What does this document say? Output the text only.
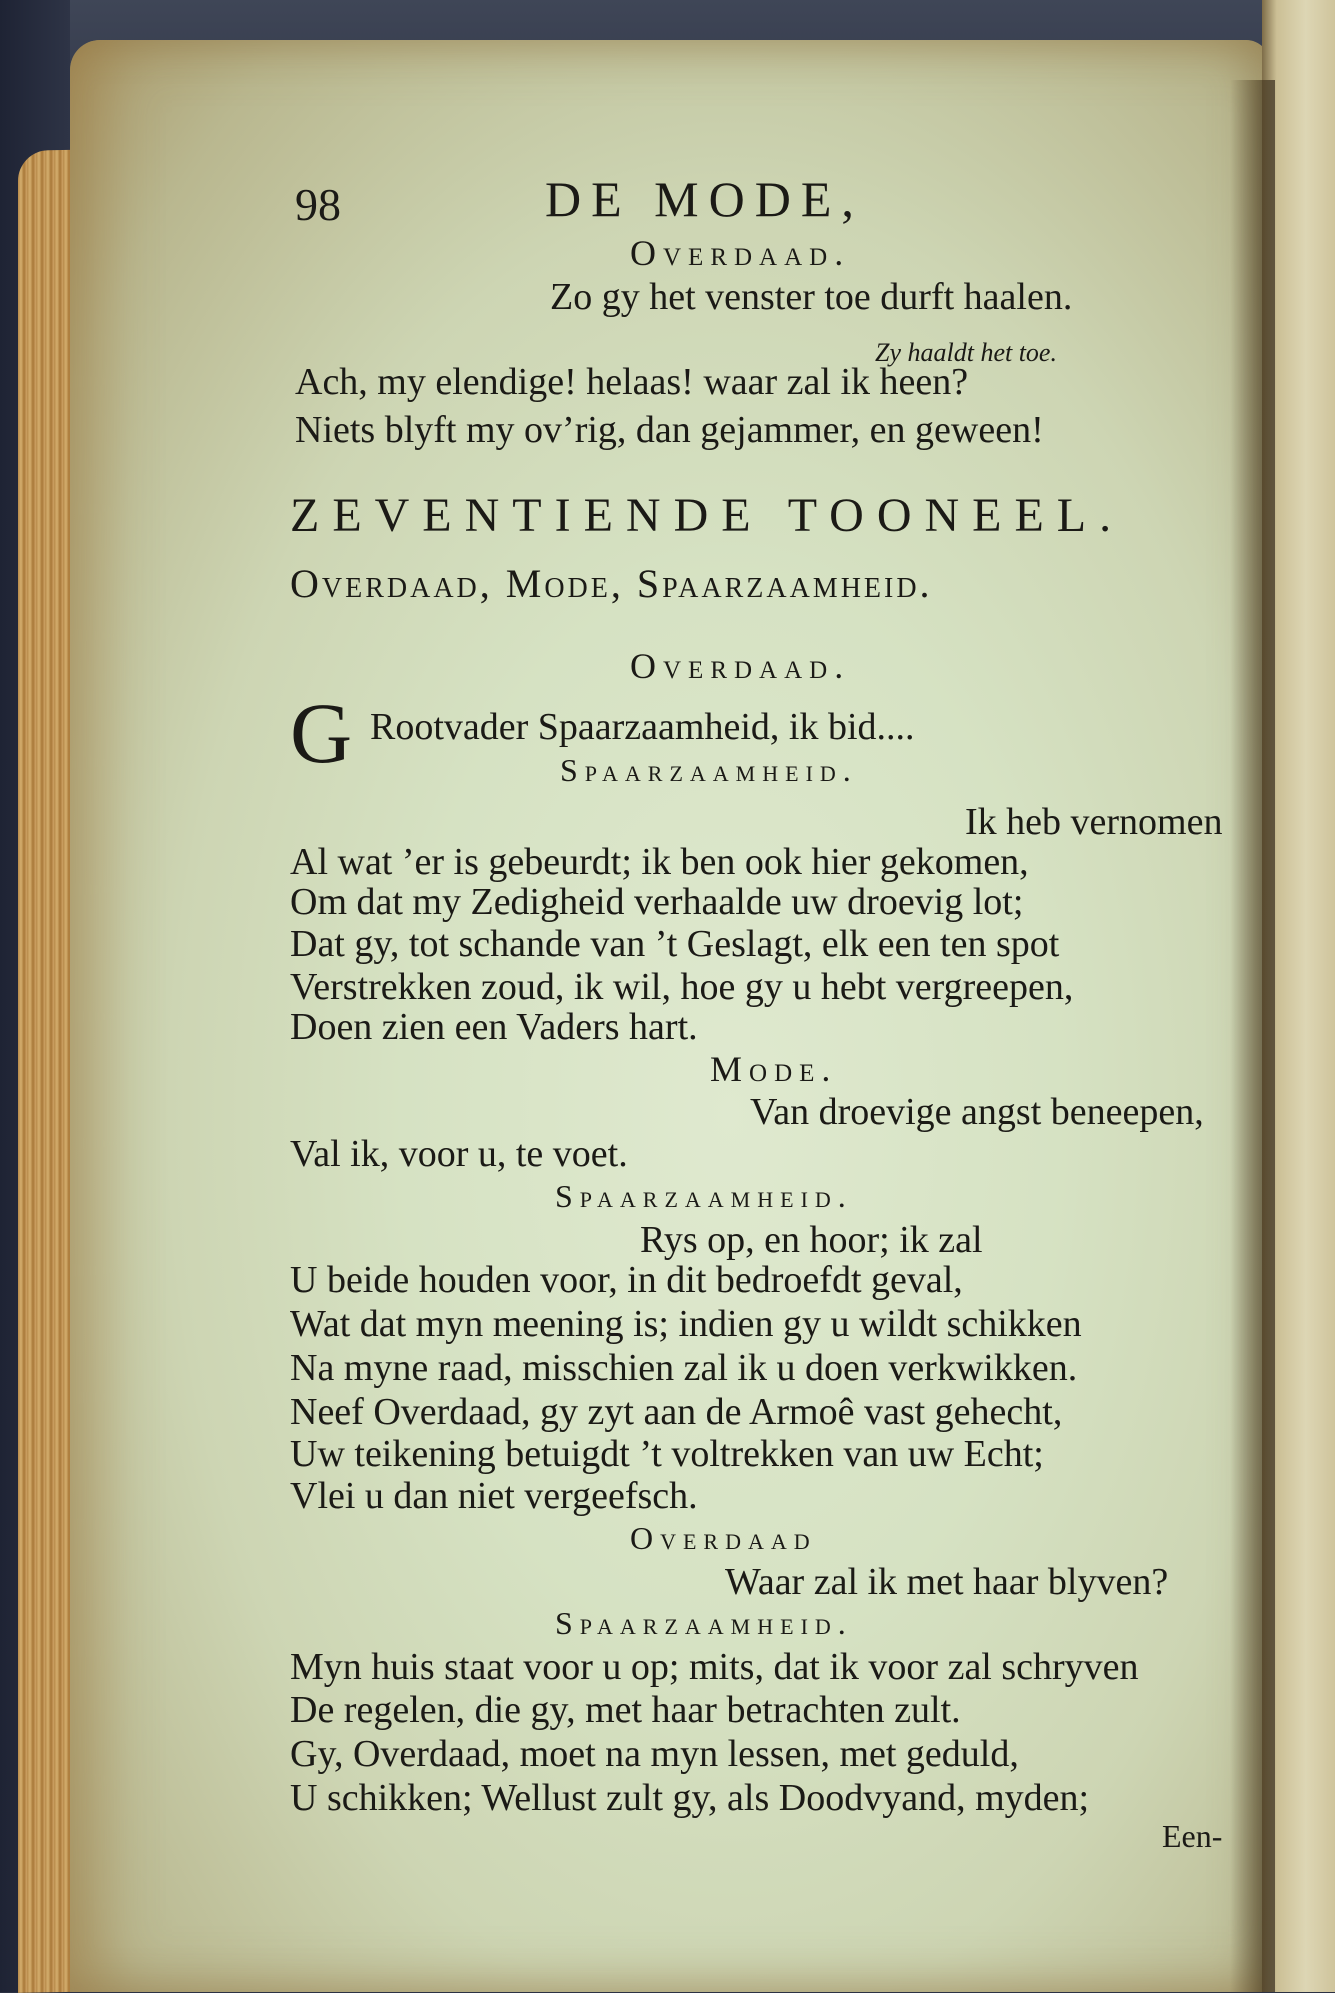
98	DE MODE,
Overdaad.
Zo gy het venster toe durft haalen.
Zy haaldt het toe.
Ach, my elendige! helaas! waar zal ik heen?
Niets blyft my ov’rig, dan gejammer, en geween!
ZEVENTIENDE TOONEEL.
Overdaad, Mode, Spaarzaamheid.
Overdaad.
G Rootvader Spaarzaamheid, ik bid....
Spaarzaamheid.
Ik heb vernomen
Al wat ’er is gebeurdt; ik ben ook hier gekomen,
Om dat my Zedigheid verhaalde uw droevig lot;
Dat gy, tot schande van ’t Geslagt, elk een ten spot
Verstrekken zoud, ik wil, hoe gy u hebt vergreepen,
Doen zien een Vaders hart.
Mode.
Van droevige angst beneepen,
Val ik, voor u, te voet.
Spaarzaamheid.
Rys op, en hoor; ik zal
U beide houden voor, in dit bedroefdt geval,
Wat dat myn meening is; indien gy u wildt schikken
Na myne raad, misschien zal ik u doen verkwikken.
Neef Overdaad, gy zyt aan de Armoê vast gehecht,
Uw teikening betuigdt ’t voltrekken van uw Echt;
Vlei u dan niet vergeefsch.
Overdaad
Waar zal ik met haar blyven?
Spaarzaamheid.
Myn huis staat voor u op; mits, dat ik voor zal schryven
De regelen, die gy, met haar betrachten zult.
Gy, Overdaad, moet na myn lessen, met geduld,
U schikken; Wellust zult gy, als Doodvyand, myden;
Een-
